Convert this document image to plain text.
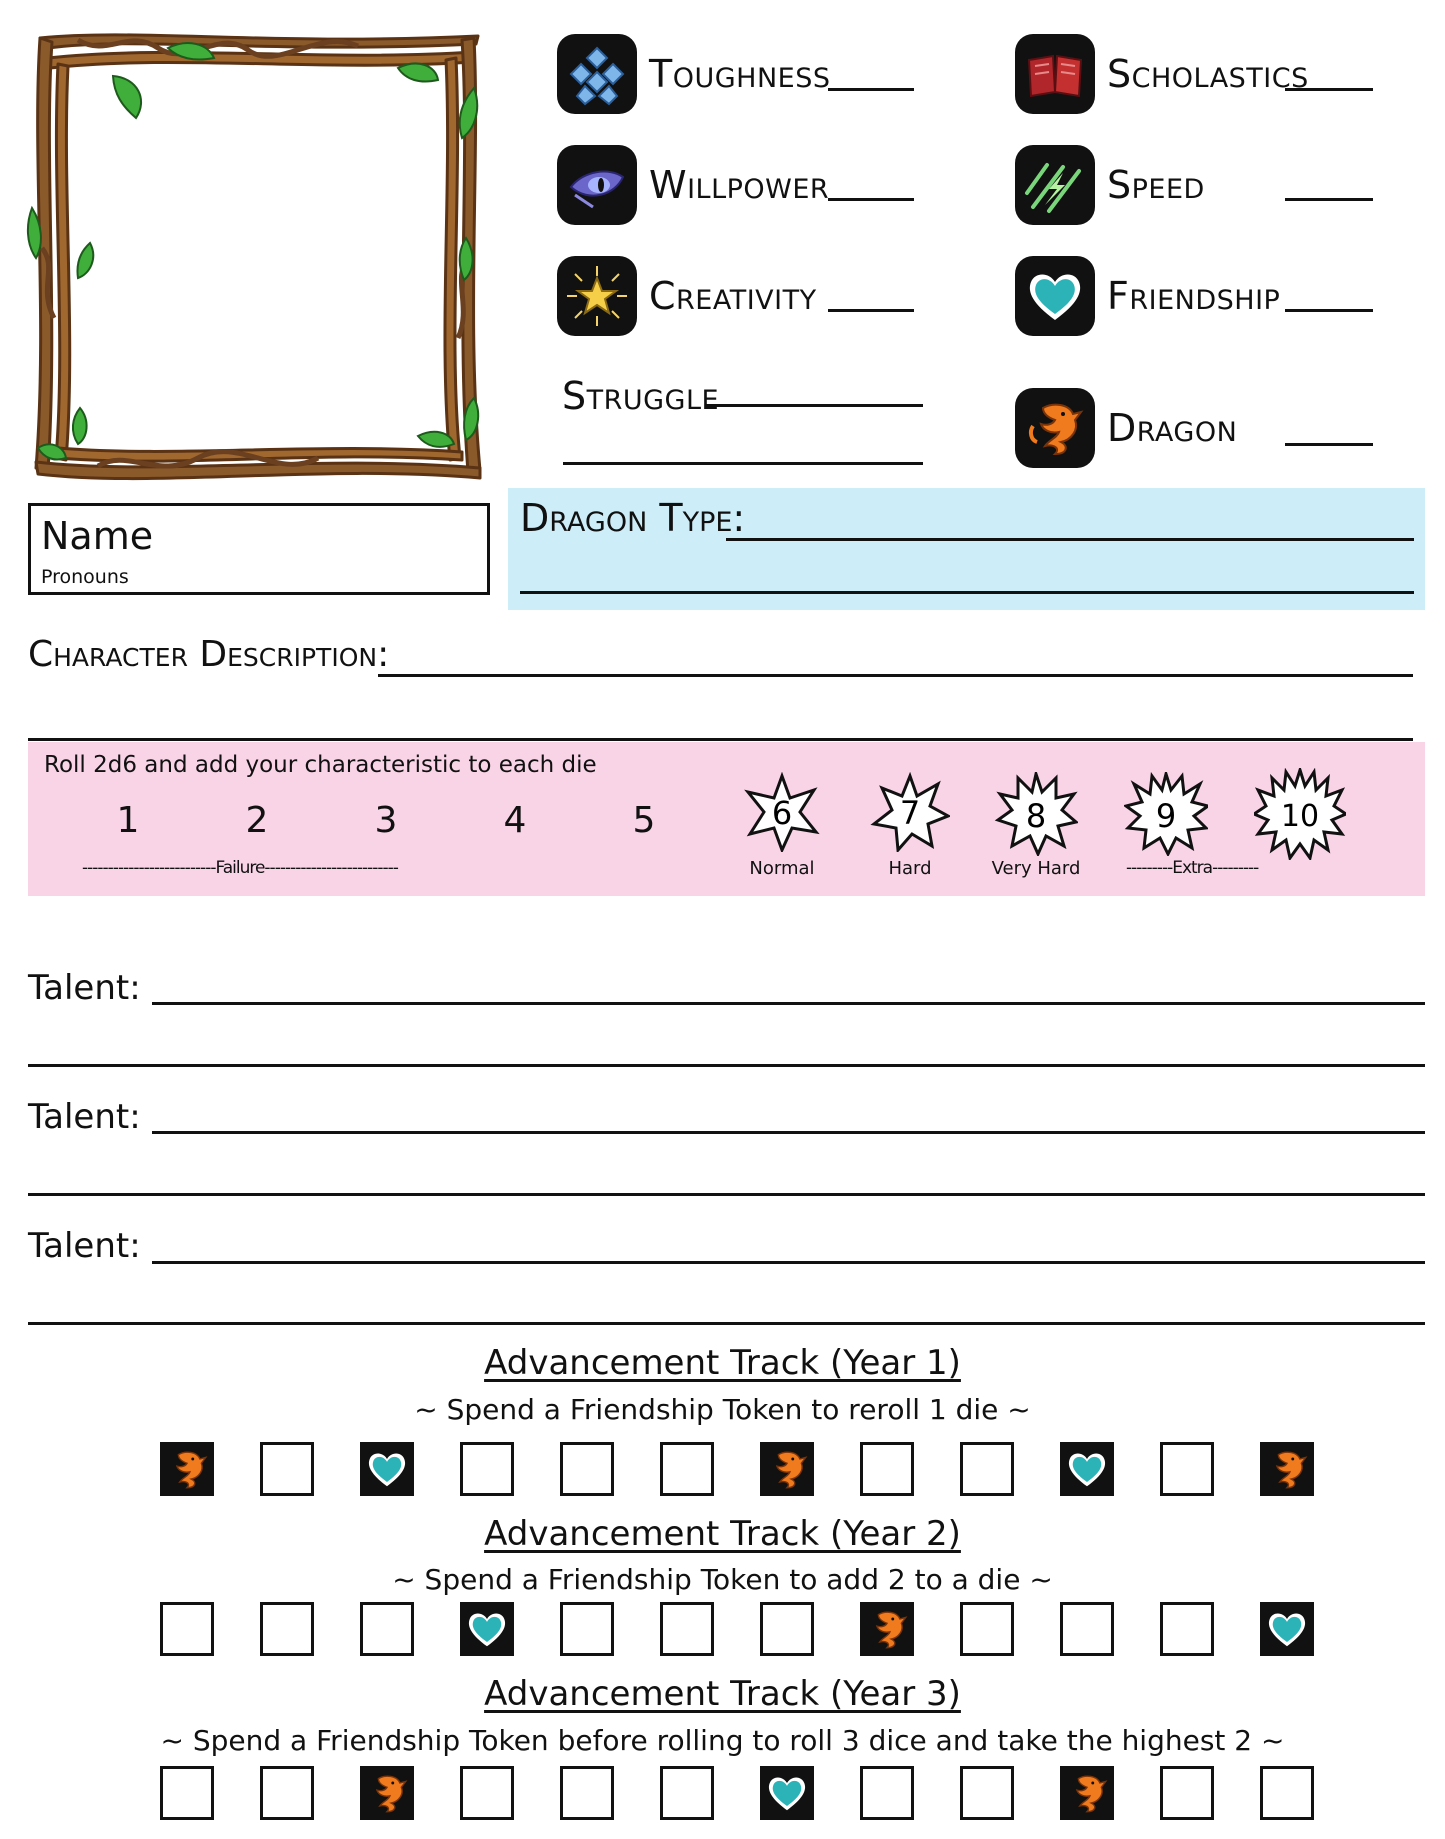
Toughness
Willpower
Creativity
Struggle
Scholastics
Speed
Friendship
Dragon
Name
Pronouns
Dragon Type:
Character Description:
Roll 2d6 and add your characteristic to each die
1	2	3	4	5
--------------------------Failure--------------------------
6	7	8	9	10
Normal	Hard	Very Hard	---------Extra---------
Talent:
Talent:
Talent:
Advancement Track (Year 1)
~ Spend a Friendship Token to reroll 1 die ~
Advancement Track (Year 2)
~ Spend a Friendship Token to add 2 to a die ~
Advancement Track (Year 3)
~ Spend a Friendship Token before rolling to roll 3 dice and take the highest 2 ~
